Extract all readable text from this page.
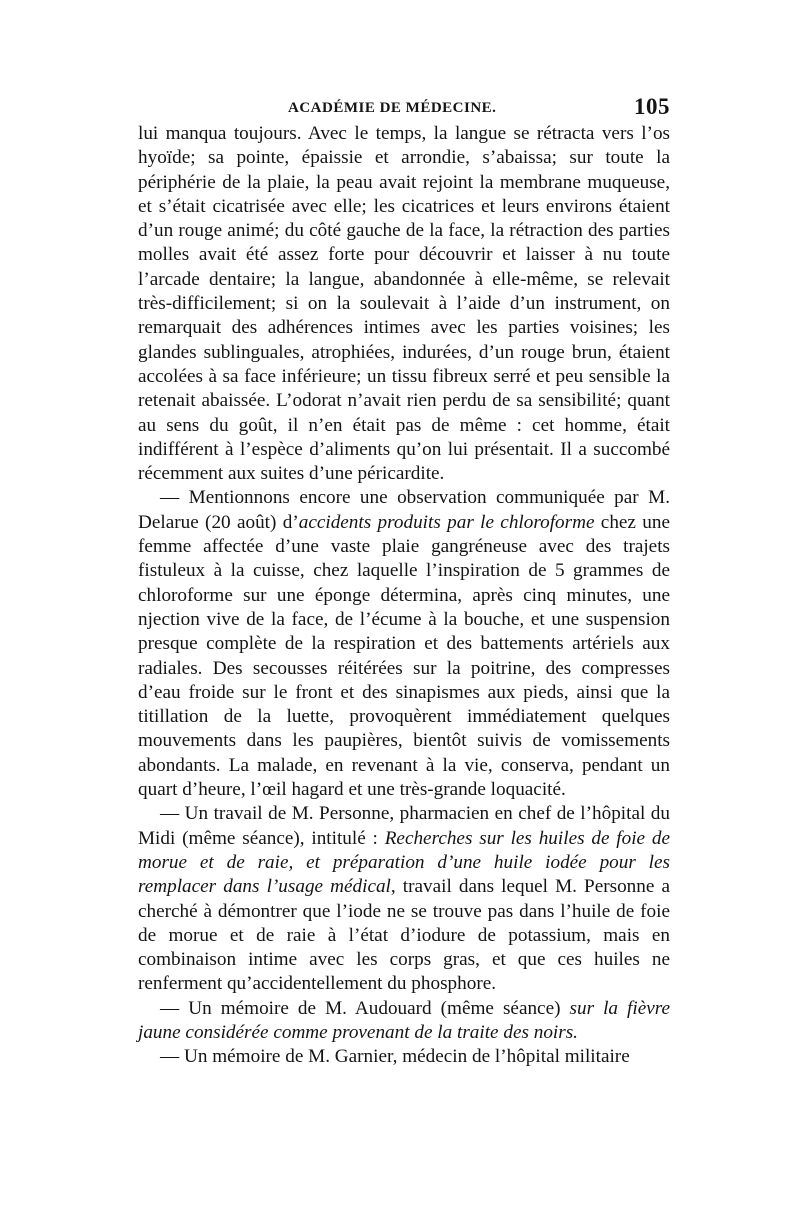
ACADÉMIE DE MÉDECINE.	105

lui manqua toujours. Avec le temps, la langue se rétracta vers l’os hyoïde; sa pointe, épaissie et arrondie, s’abaissa; sur toute la périphérie de la plaie, la peau avait rejoint la membrane muqueuse, et s’était cicatrisée avec elle; les cicatrices et leurs environs étaient d’un rouge animé; du côté gauche de la face, la rétraction des parties molles avait été assez forte pour découvrir et laisser à nu toute l’arcade dentaire; la langue, abandonnée à elle-même, se relevait très-difficilement; si on la soulevait à l’aide d’un instrument, on remarquait des adhérences intimes avec les parties voisines; les glandes sublinguales, atrophiées, indurées, d’un rouge brun, étaient accolées à sa face inférieure; un tissu fibreux serré et peu sensible la retenait abaissée. L’odorat n’avait rien perdu de sa sensibilité; quant au sens du goût, il n’en était pas de même : cet homme, était indifférent à l’espèce d’aliments qu’on lui présentait. Il a succombé récemment aux suites d’une péricardite.

— Mentionnons encore une observation communiquée par M. Delarue (20 août) d’accidents produits par le chloroforme chez une femme affectée d’une vaste plaie gangréneuse avec des trajets fistuleux à la cuisse, chez laquelle l’inspiration de 5 grammes de chloroforme sur une éponge détermina, après cinq minutes, une njection vive de la face, de l’écume à la bouche, et une suspension presque complète de la respiration et des battements artériels aux radiales. Des secousses réitérées sur la poitrine, des compresses d’eau froide sur le front et des sinapismes aux pieds, ainsi que la titillation de la luette, provoquèrent immédiatement quelques mouvements dans les paupières, bientôt suivis de vomissements abondants. La malade, en revenant à la vie, conserva, pendant un quart d’heure, l’œil hagard et une très-grande loquacité.

— Un travail de M. Personne, pharmacien en chef de l’hôpital du Midi (même séance), intitulé : Recherches sur les huiles de foie de morue et de raie, et préparation d’une huile iodée pour les remplacer dans l’usage médical, travail dans lequel M. Personne a cherché à démontrer que l’iode ne se trouve pas dans l’huile de foie de morue et de raie à l’état d’iodure de potassium, mais en combinaison intime avec les corps gras, et que ces huiles ne renferment qu’accidentellement du phosphore.

— Un mémoire de M. Audouard (même séance) sur la fièvre jaune considérée comme provenant de la traite des noirs.

— Un mémoire de M. Garnier, médecin de l’hôpital militaire
